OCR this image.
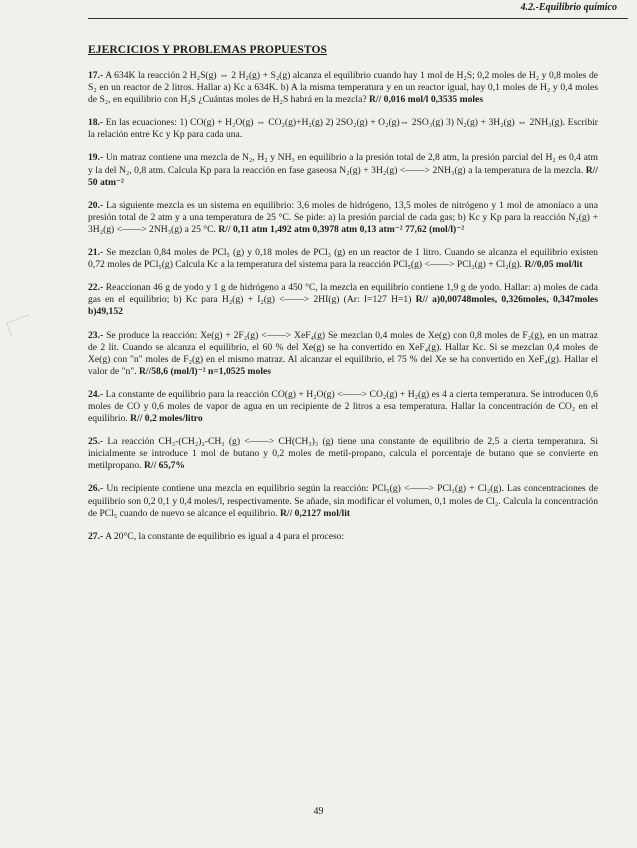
4.2.-Equilibrio químico
EJERCICIOS Y PROBLEMAS PROPUESTOS

17.- A 634K la reacción 2 H₂S(g) ⇔ 2 H₂(g) + S₂(g) alcanza el equilibrio cuando hay 1 mol de H₂S; 0,2 moles de H₂ y 0,8 moles de S₂ en un reactor de 2 litros. Hallar a) Kc a 634K. b) A la misma temperatura y en un reactor igual, hay 0,1 moles de H₂ y 0,4 moles de S₂, en equilibrio con H₂S ¿Cuántas moles de H₂S habrá en la mezcla? R// 0,016 mol/l 0,3535 moles

18.- En las ecuaciones: 1) CO(g) + H₂O(g) ⇔ CO₂(g)+H₂(g) 2) 2SO₂(g) + O₂(g)⇔ 2SO₃(g) 3) N₂(g) + 3H₂(g) ⇔ 2NH₃(g). Escribir la relación entre Kc y Kp para cada una.

19.- Un matraz contiene una mezcla de N₂, H₂ y NH₃ en equilibrio a la presión total de 2,8 atm, la presión parcial del H₂ es 0,4 atm y la del N₂, 0,8 atm. Calcula Kp para la reacción en fase gaseosa N₂(g) + 3H₂(g) <——> 2NH₃(g) a la temperatura de la mezcla. R// 50 atm⁻²

20.- La siguiente mezcla es un sistema en equilibrio: 3,6 moles de hidrógeno, 13,5 moles de nitrógeno y 1 mol de amoníaco a una presión total de 2 atm y a una temperatura de 25 °C. Se pide: a) la presión parcial de cada gas; b) Kc y Kp para la reacción N₂(g) + 3H₂(g) <——> 2NH₃(g) a 25 °C. R// 0,11 atm 1,492 atm 0,3978 atm 0,13 atm⁻² 77,62 (mol/l)⁻²

21.- Se mezclan 0,84 moles de PCl₅ (g) y 0,18 moles de PCl₃ (g) en un reactor de 1 litro. Cuando se alcanza el equilibrio existen 0,72 moles de PCl₅(g) Calcula Kc a la temperatura del sistema para la reacción PCl₅(g) <——> PCl₃(g) + Cl₂(g). R//0,05 mol/lit

22.- Reaccionan 46 g de yodo y 1 g de hidrógeno a 450 °C, la mezcla en equilibrio contiene 1,9 g de yodo. Hallar: a) moles de cada gas en el equilibrio; b) Kc para H₂(g) + I₂(g) <——> 2HI(g) (Ar: I=127 H=1) R// a)0,00748moles, 0,326moles, 0,347moles b)49,152

23.- Se produce la reacción: Xe(g) + 2F₂(g) <——> XeF₄(g) Se mezclan 0,4 moles de Xe(g) con 0,8 moles de F₂(g), en un matraz de 2 lit. Cuando se alcanza el equilibrio, el 60 % del Xe(g) se ha convertido en XeF₄(g). Hallar Kc. Si se mezclan 0,4 moles de Xe(g) con "n" moles de F₂(g) en el mismo matraz. Al alcanzar el equilibrio, el 75 % del Xe se ha convertido en XeF₄(g). Hallar el valor de "n". R//58,6 (mol/l)⁻² n=1,0525 moles

24.- La constante de equilibrio para la reacción CO(g) + H₂O(g) <——> CO₂(g) + H₂(g) es 4 a cierta temperatura. Se introducen 0,6 moles de CO y 0,6 moles de vapor de agua en un recipiente de 2 litros a esa temperatura. Hallar la concentración de CO₂ en el equilibrio. R// 0,2 moles/litro

25.- La reacción CH₃-(CH₂)₂-CH₃ (g) <——> CH(CH₃)₃ (g) tiene una constante de equilibrio de 2,5 a cierta temperatura. Si inicialmente se introduce 1 mol de butano y 0,2 moles de metil-propano, calcula el porcentaje de butano que se convierte en metilpropano. R// 65,7%

26.- Un recipiente contiene una mezcla en equilibrio según la reacción: PCl₅(g) <——> PCl₃(g) + Cl₂(g). Las concentraciones de equilibrio son 0,2 0,1 y 0,4 moles/l, respectivamente. Se añade, sin modificar el volumen, 0,1 moles de Cl₂. Calcula la concentración de PCl₅ cuando de nuevo se alcance el equilibrio. R// 0,2127 mol/lit

27.- A 20°C, la constante de equilibrio es igual a 4 para el proceso:

49
